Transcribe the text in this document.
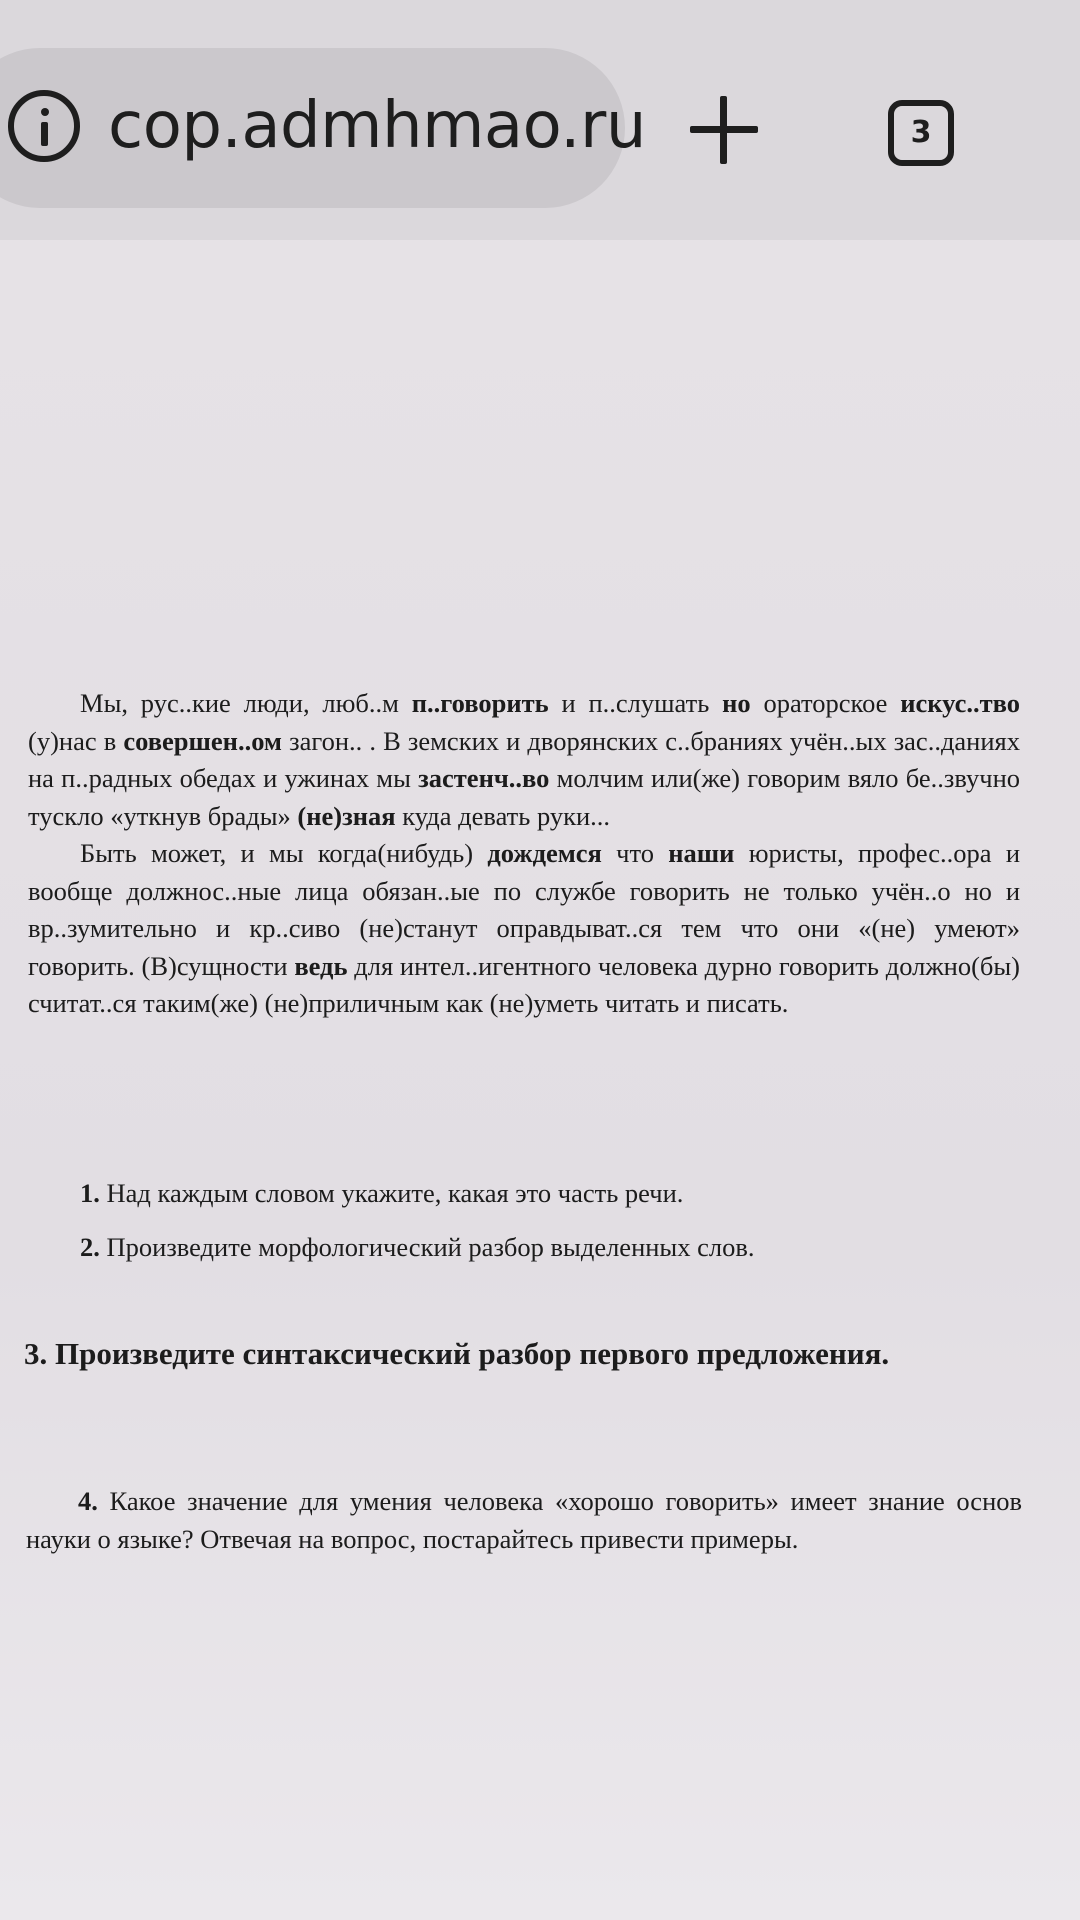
cop.admhmao.ru	3

Мы, рус..кие люди, люб..м п..говорить и п..слушать но ораторское искус..тво (у)нас в совершен..ом загон.. . В земских и дворянских с..браниях учён..ых зас..даниях на п..радных обедах и ужинах мы застенч..во молчим или(же) говорим вяло бе..звучно тускло «уткнув брады» (не)зная куда девать руки...

Быть может, и мы когда(нибудь) дождемся что наши юристы, профес..ора и вообще должнос..ные лица обязан..ые по службе говорить не только учён..о но и вр..зумительно и кр..сиво (не)станут оправдыват..ся тем что они «(не) умеют» говорить. (В)сущности ведь для интел..игентного человека дурно говорить должно(бы) считат..ся таким(же) (не)приличным как (не)уметь читать и писать.

1. Над каждым словом укажите, какая это часть речи.
2. Произведите морфологический разбор выделенных слов.
3. Произведите синтаксический разбор первого предложения.
4. Какое значение для умения человека «хорошо говорить» имеет знание основ науки о языке? Отвечая на вопрос, постарайтесь привести примеры.
